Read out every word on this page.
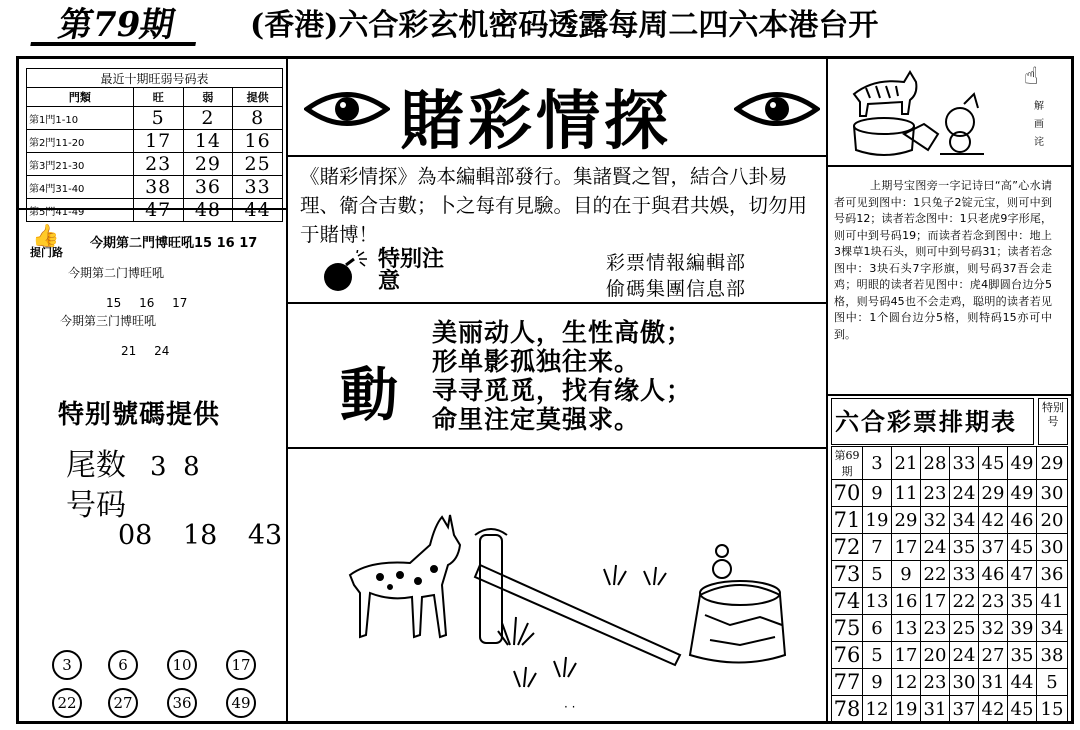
第79期	(香港)六合彩玄机密码透露每周二四六本港台开
最近十期旺弱号码表			
門類	旺	弱	提供
第1門1-10	5	2	8
第2門11-20	17	14	16
第3門21-30	23	29	25
第4門31-40	38	36	33
第5門41-49	47	48	44
👍
提门路
今期第二門博旺吼15 16 17
今期第二门博旺吼
15 16 17
今期第三门博旺吼
21 24
特别號碼提供
尾数 3  8
号码
08 18 43
3	6	10	17
22	27	36	49
賭彩情探
《賭彩情探》為本編輯部發行。集諸賢之智，結合八卦易理、衛合吉數；卜之每有見驗。目的在于與君共娛，切勿用于賭博！
特别注意
彩票情報編輯部
偷碼集團信息部
動
美丽动人，生性高傲；
形单影孤独往来。
寻寻觅觅，找有缘人；
命里注定莫强求。
· ·
☝
解画诧
上期号宝图旁一字记诗曰“高”心水请者可见到图中：1只兔子2锭元宝，则可中到号码12；读者若念图中：1只老虎9字形尾，则可中到号码19；而读者若念到图中：地上3棵草1块石头，则可中到号码31；读者若念图中：3块石头7字形旗，则号码37吾会走鸡；明眼的读者若见图中：虎4脚圆台边分5格，则号码45也不会走鸡，聪明的读者若见图中：1个圆台边分5格，则特码15亦可中到。
六合彩票排期表
特别号
第69期	3	21	28	33	45	49	29
70	9	11	23	24	29	49	30
71	19	29	32	34	42	46	20
72	7	17	24	35	37	45	30
73	5	9	22	33	46	47	36
74	13	16	17	22	23	35	41
75	6	13	23	25	32	39	34
76	5	17	20	24	27	35	38
77	9	12	23	30	31	44	5
78	12	19	31	37	42	45	15
